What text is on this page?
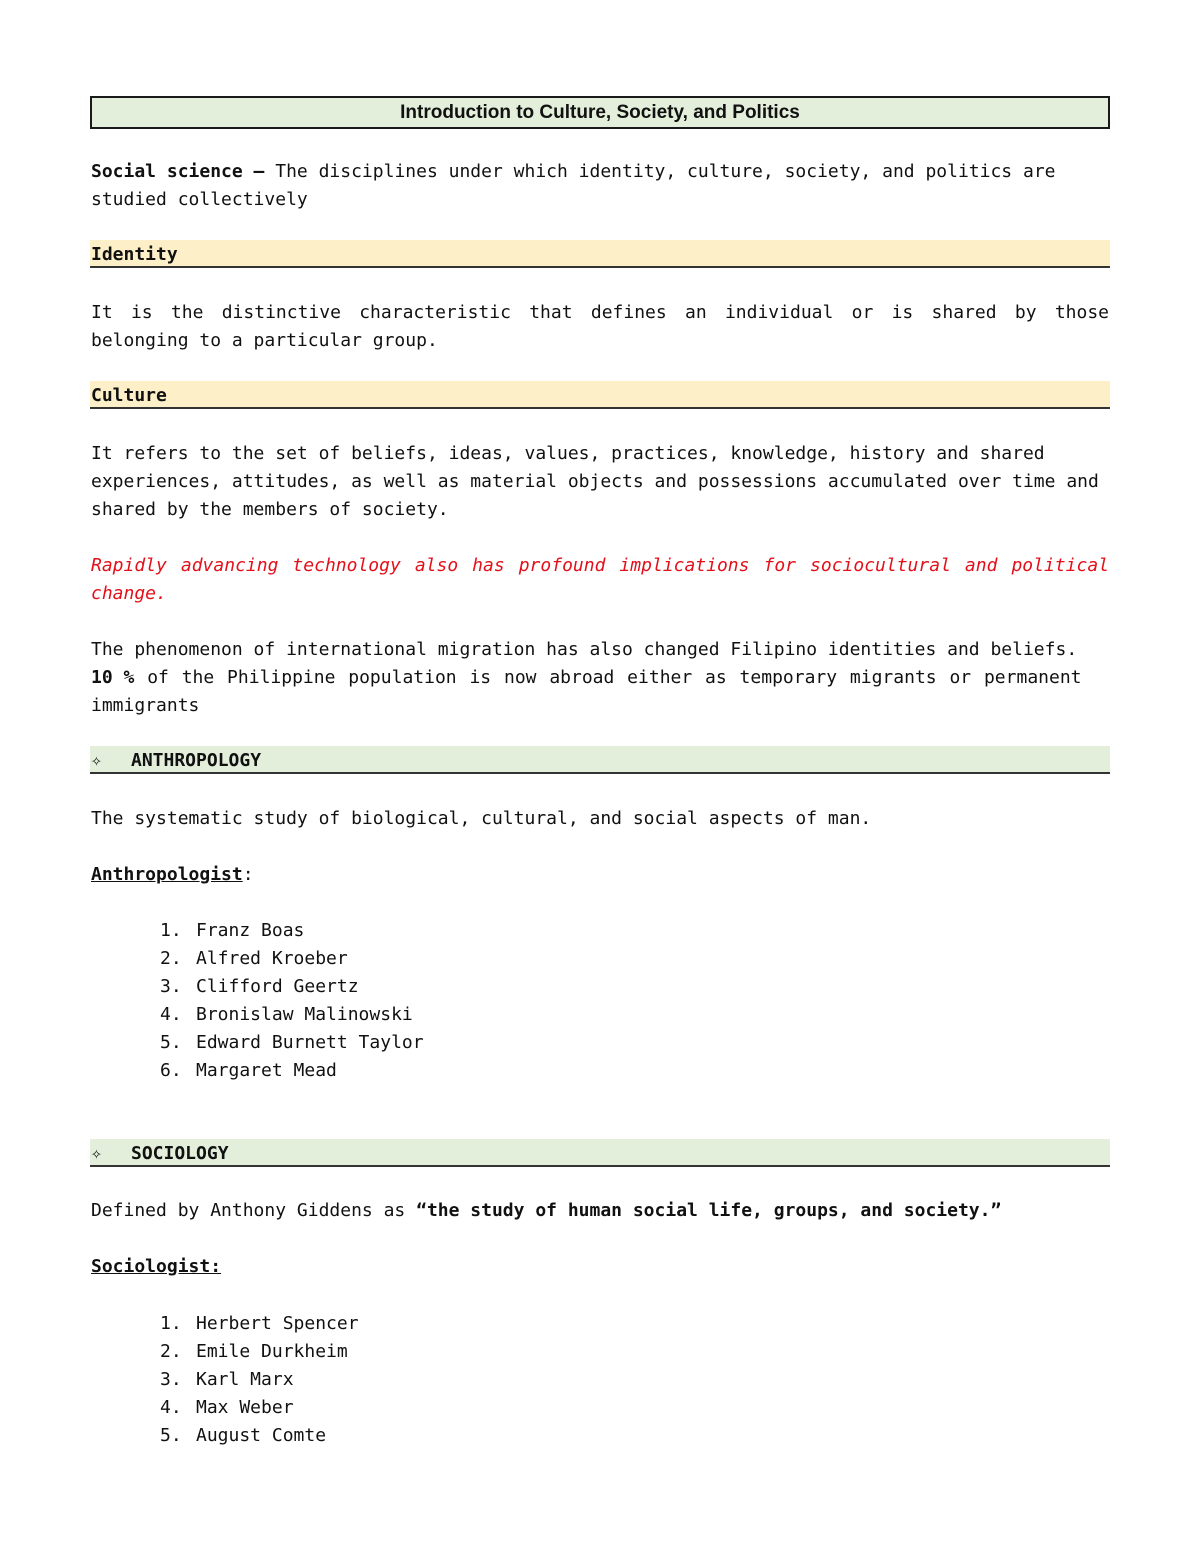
Introduction to Culture, Society, and Politics

Social science – The disciplines under which identity, culture, society, and politics are

studied collectively

Identity

It is the distinctive characteristic that defines an individual or is shared by those

belonging to a particular group.

Culture

It refers to the set of beliefs, ideas, values, practices, knowledge, history and shared

experiences, attitudes, as well as material objects and possessions accumulated over time and

shared by the members of society.

Rapidly advancing technology also has profound implications for sociocultural and political

change.

The phenomenon of international migration has also changed Filipino identities and beliefs.

10 % of the Philippine population is now abroad either as temporary migrants or permanent

immigrants

✧ ANTHROPOLOGY

The systematic study of biological, cultural, and social aspects of man.

Anthropologist:

1. Franz Boas
2. Alfred Kroeber
3. Clifford Geertz
4. Bronislaw Malinowski
5. Edward Burnett Taylor
6. Margaret Mead
✧ SOCIOLOGY

Defined by Anthony Giddens as “the study of human social life, groups, and society.”

Sociologist:

1. Herbert Spencer
2. Emile Durkheim
3. Karl Marx
4. Max Weber
5. August Comte
